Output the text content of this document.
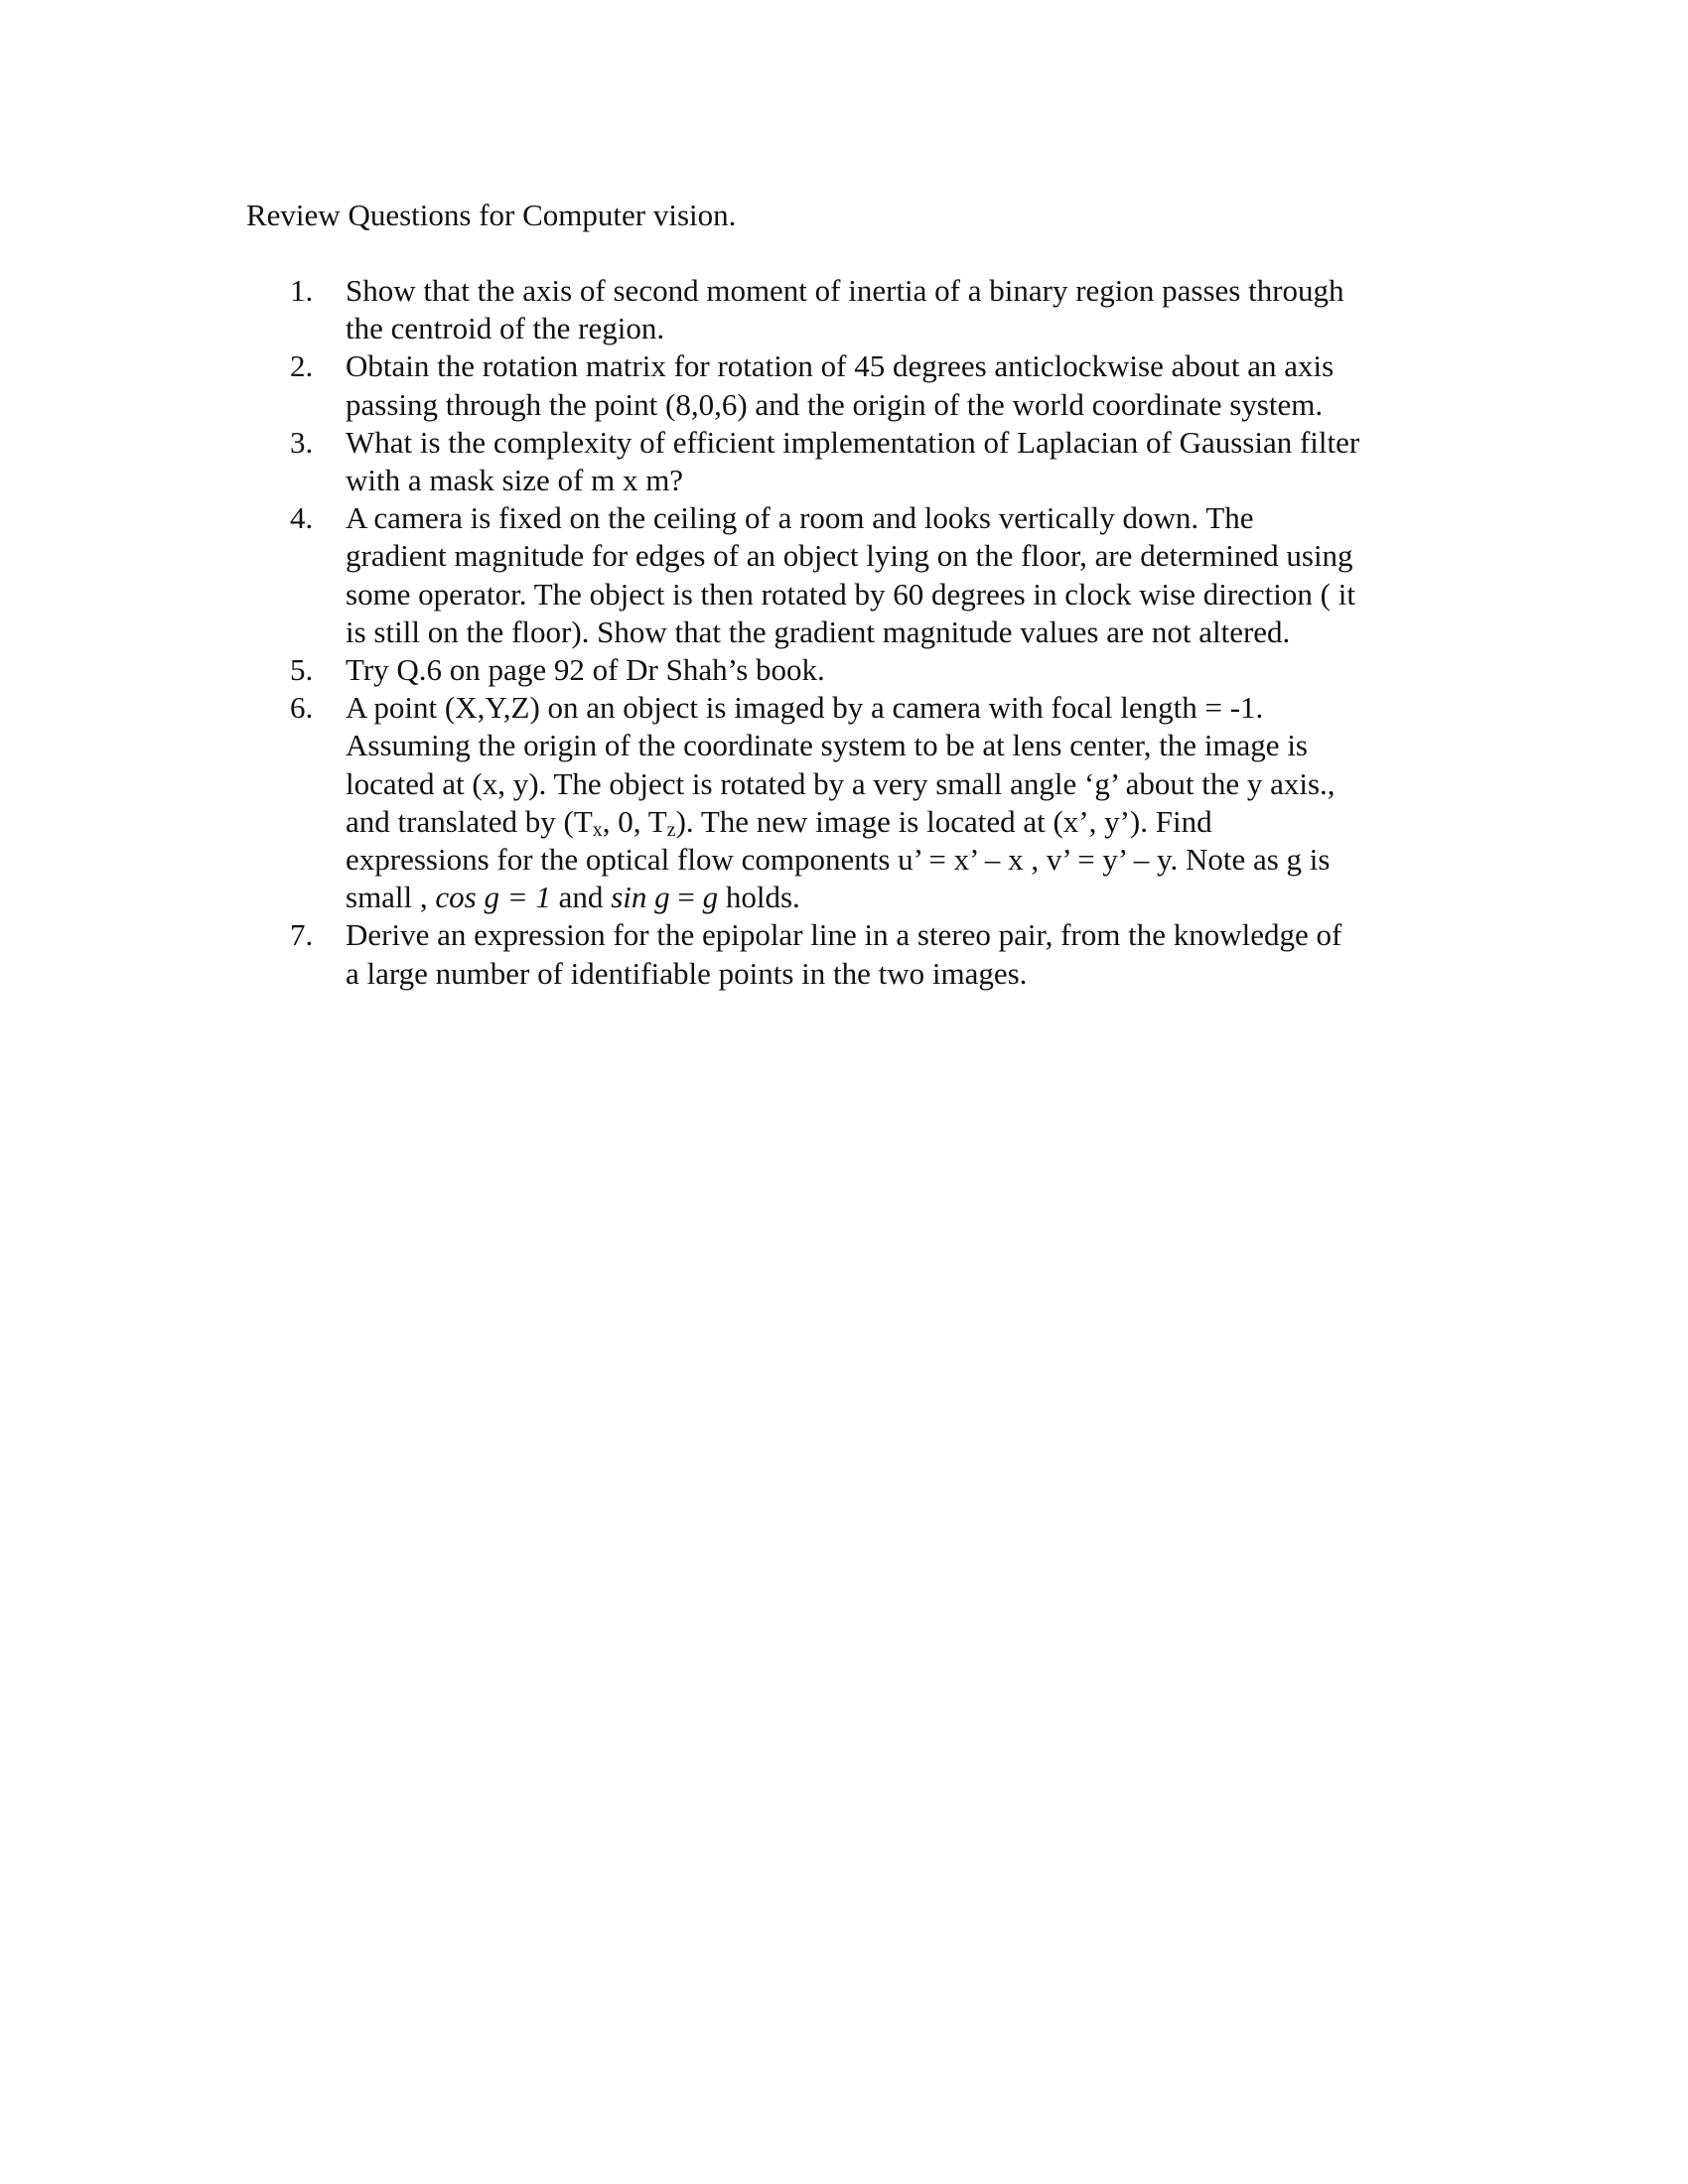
Review Questions for Computer vision.
1.	Show that the axis of second moment of inertia of a binary region passes through
the centroid of the region.
2.	Obtain the rotation matrix for rotation of 45 degrees anticlockwise about an axis
passing through the point (8,0,6) and the origin of the world coordinate system.
3.	What is the complexity of efficient implementation of Laplacian of Gaussian filter
with a mask size of m x m?
4.	A camera is fixed on the ceiling of a room and looks vertically down. The
gradient magnitude for edges of an object lying on the floor, are determined using
some operator. The object is then rotated by 60 degrees in clock wise direction ( it
is still on the floor). Show that the gradient magnitude values are not altered.
5.	Try Q.6 on page 92 of Dr Shah’s book.
6.	A point (X,Y,Z) on an object is imaged by a camera with focal length = -1.
Assuming the origin of the coordinate system to be at lens center, the image is
located at (x, y). The object is rotated by a very small angle ‘g’ about the y axis.,
and translated by ($T_x$, 0, $T_z$). The new image is located at (x’, y’). Find
expressions for the optical flow components u’ = x’ – x , v’ = y’ – y. Note as g is
small , cos g = 1 and sin g = g holds.
7.	Derive an expression for the epipolar line in a stereo pair, from the knowledge of
a large number of identifiable points in the two images.
